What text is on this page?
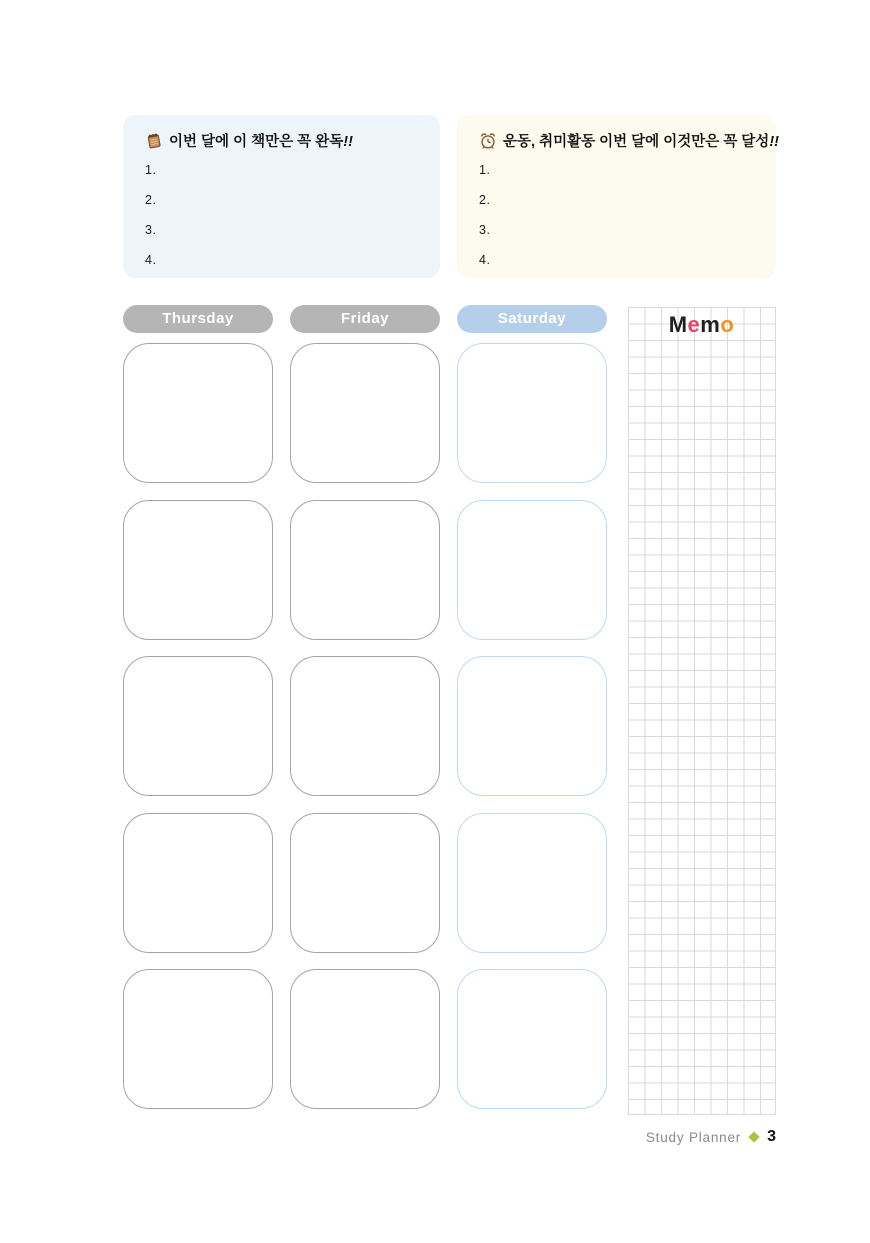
이번 달에 이 책만은 꼭 완독!!
1.
2.
3.
4.
운동, 취미활동 이번 달에 이것만은 꼭 달성!!
1.
2.
3.
4.
Thursday	Friday	Saturday	Memo
Study Planner 3
